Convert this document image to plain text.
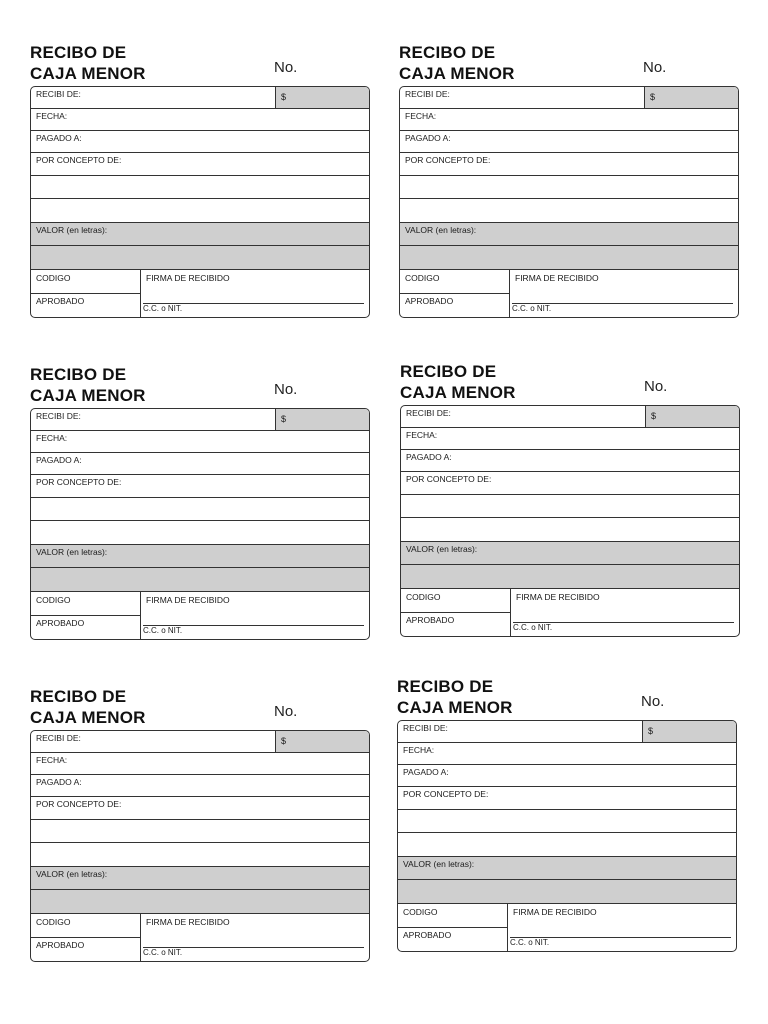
RECIBO DE
CAJA MENOR	No.
RECIBI DE:	$
FECHA:
PAGADO A:
POR CONCEPTO DE:
VALOR (en letras):
CODIGO
APROBADO
FIRMA DE RECIBIDO
C.C. o NIT.
RECIBO DE
CAJA MENOR	No.
RECIBI DE:	$
FECHA:
PAGADO A:
POR CONCEPTO DE:
VALOR (en letras):
CODIGO
APROBADO
FIRMA DE RECIBIDO
C.C. o NIT.
RECIBO DE
CAJA MENOR	No.
RECIBI DE:	$
FECHA:
PAGADO A:
POR CONCEPTO DE:
VALOR (en letras):
CODIGO
APROBADO
FIRMA DE RECIBIDO
C.C. o NIT.
RECIBO DE
CAJA MENOR	No.
RECIBI DE:	$
FECHA:
PAGADO A:
POR CONCEPTO DE:
VALOR (en letras):
CODIGO
APROBADO
FIRMA DE RECIBIDO
C.C. o NIT.
RECIBO DE
CAJA MENOR	No.
RECIBI DE:	$
FECHA:
PAGADO A:
POR CONCEPTO DE:
VALOR (en letras):
CODIGO
APROBADO
FIRMA DE RECIBIDO
C.C. o NIT.
RECIBO DE
CAJA MENOR	No.
RECIBI DE:	$
FECHA:
PAGADO A:
POR CONCEPTO DE:
VALOR (en letras):
CODIGO
APROBADO
FIRMA DE RECIBIDO
C.C. o NIT.
